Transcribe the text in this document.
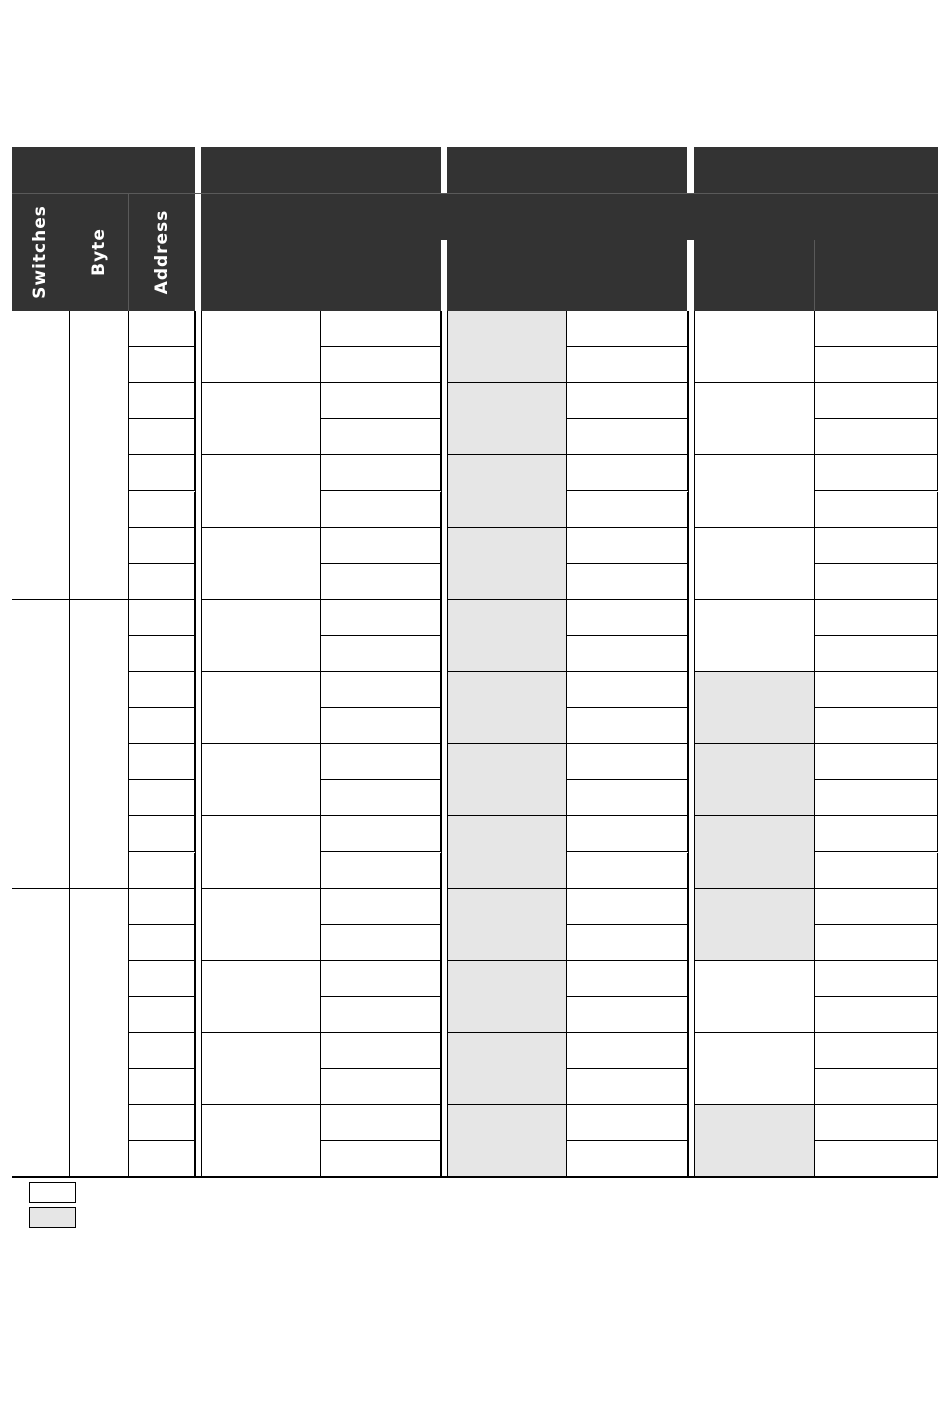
Switches Byte	Address
